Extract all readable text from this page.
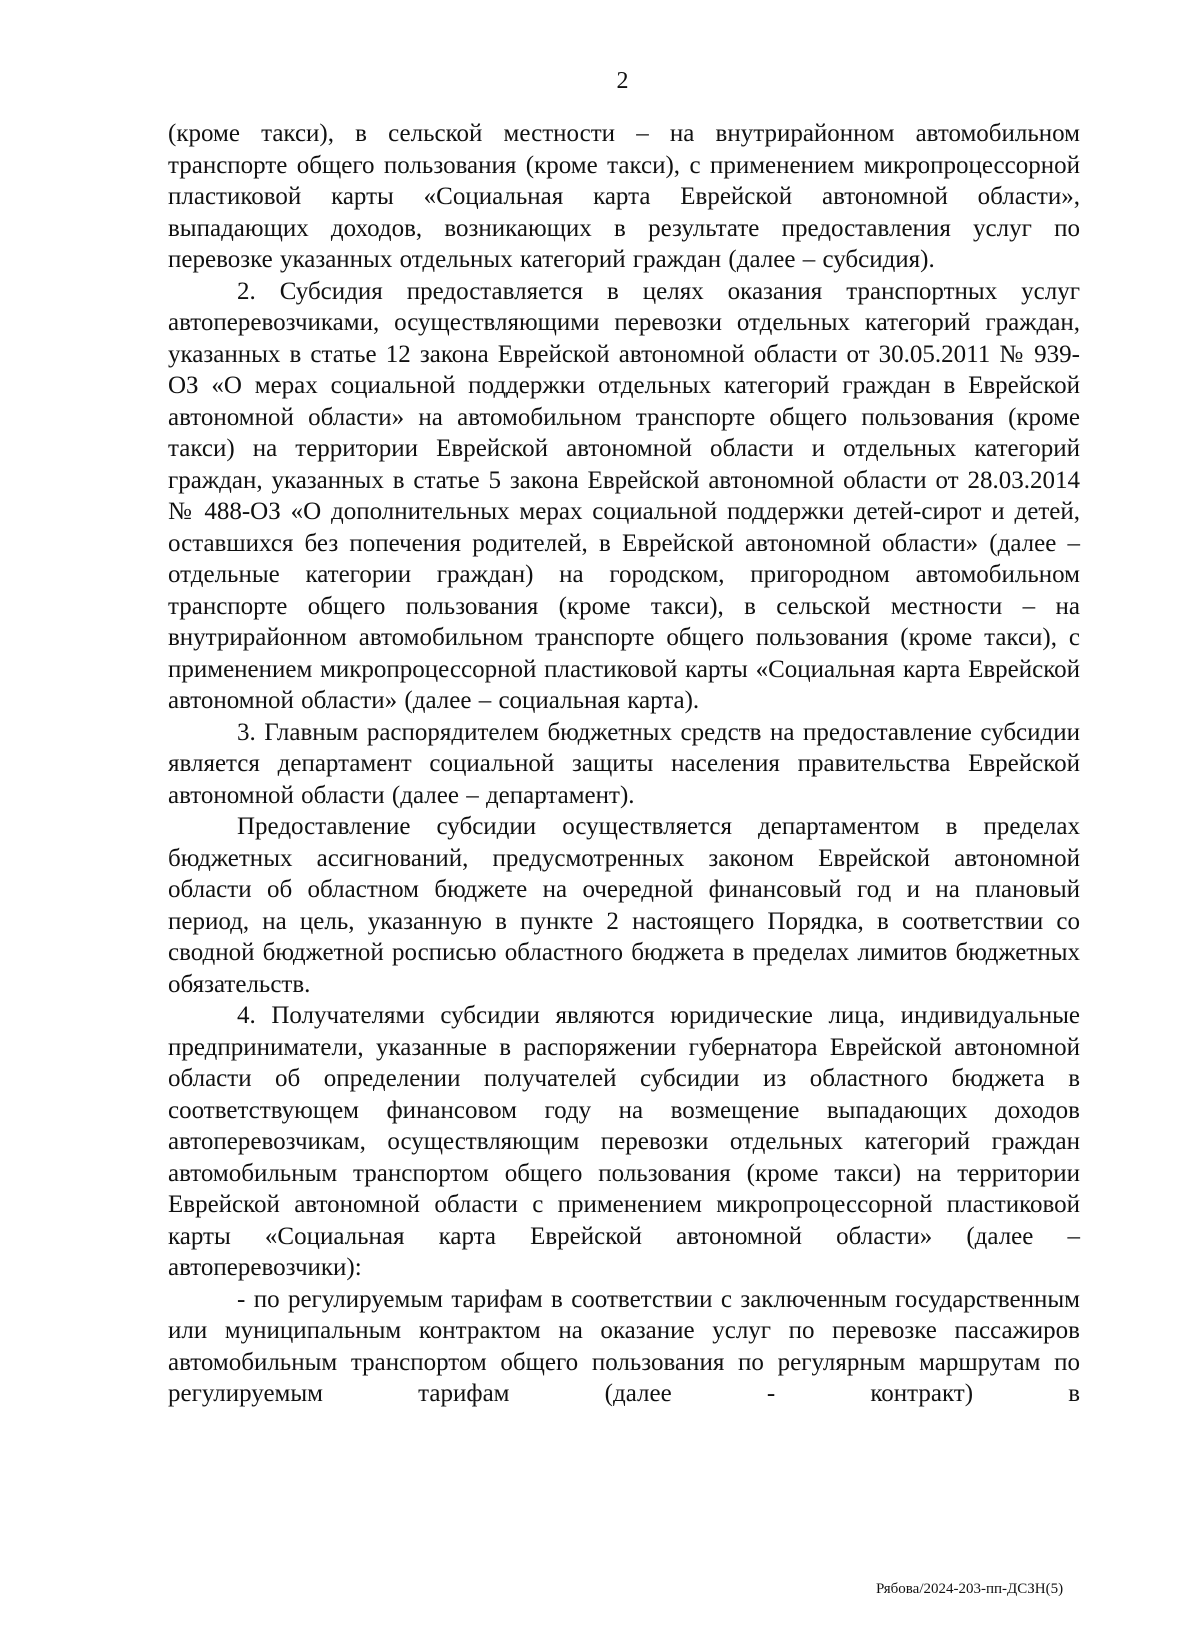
2

(кроме такси), в сельской местности – на внутрирайонном автомобильном транспорте общего пользования (кроме такси), с применением микропроцессорной пластиковой карты «Социальная карта Еврейской автономной области», выпадающих доходов, возникающих в результате предоставления услуг по перевозке указанных отдельных категорий граждан (далее – субсидия).

2. Субсидия предоставляется в целях оказания транспортных услуг автоперевозчиками, осуществляющими перевозки отдельных категорий граждан, указанных в статье 12 закона Еврейской автономной области от 30.05.2011 № 939-ОЗ «О мерах социальной поддержки отдельных категорий граждан в Еврейской автономной области» на автомобильном транспорте общего пользования (кроме такси) на территории Еврейской автономной области и отдельных категорий граждан, указанных в статье 5 закона Еврейской автономной области от 28.03.2014 № 488-ОЗ «О дополнительных мерах социальной поддержки детей-сирот и детей, оставшихся без попечения родителей, в Еврейской автономной области» (далее – отдельные категории граждан) на городском, пригородном автомобильном транспорте общего пользования (кроме такси), в сельской местности – на внутрирайонном автомобильном транспорте общего пользования (кроме такси), с применением микропроцессорной пластиковой карты «Социальная карта Еврейской автономной области» (далее – социальная карта).

3. Главным распорядителем бюджетных средств на предоставление субсидии является департамент социальной защиты населения правительства Еврейской автономной области (далее – департамент).

Предоставление субсидии осуществляется департаментом в пределах бюджетных ассигнований, предусмотренных законом Еврейской автономной области об областном бюджете на очередной финансовый год и на плановый период, на цель, указанную в пункте 2 настоящего Порядка, в соответствии со сводной бюджетной росписью областного бюджета в пределах лимитов бюджетных обязательств.

4. Получателями субсидии являются юридические лица, индивидуальные предприниматели, указанные в распоряжении губернатора Еврейской автономной области об определении получателей субсидии из областного бюджета в соответствующем финансовом году на возмещение выпадающих доходов автоперевозчикам, осуществляющим перевозки отдельных категорий граждан автомобильным транспортом общего пользования (кроме такси) на территории Еврейской автономной области с применением микропроцессорной пластиковой карты «Социальная карта Еврейской автономной области» (далее – автоперевозчики):

- по регулируемым тарифам в соответствии с заключенным государственным или муниципальным контрактом на оказание услуг по перевозке пассажиров автомобильным транспортом общего пользования по регулярным маршрутам по регулируемым тарифам (далее - контракт) в

Рябова/2024-203-пп-ДСЗН(5)
